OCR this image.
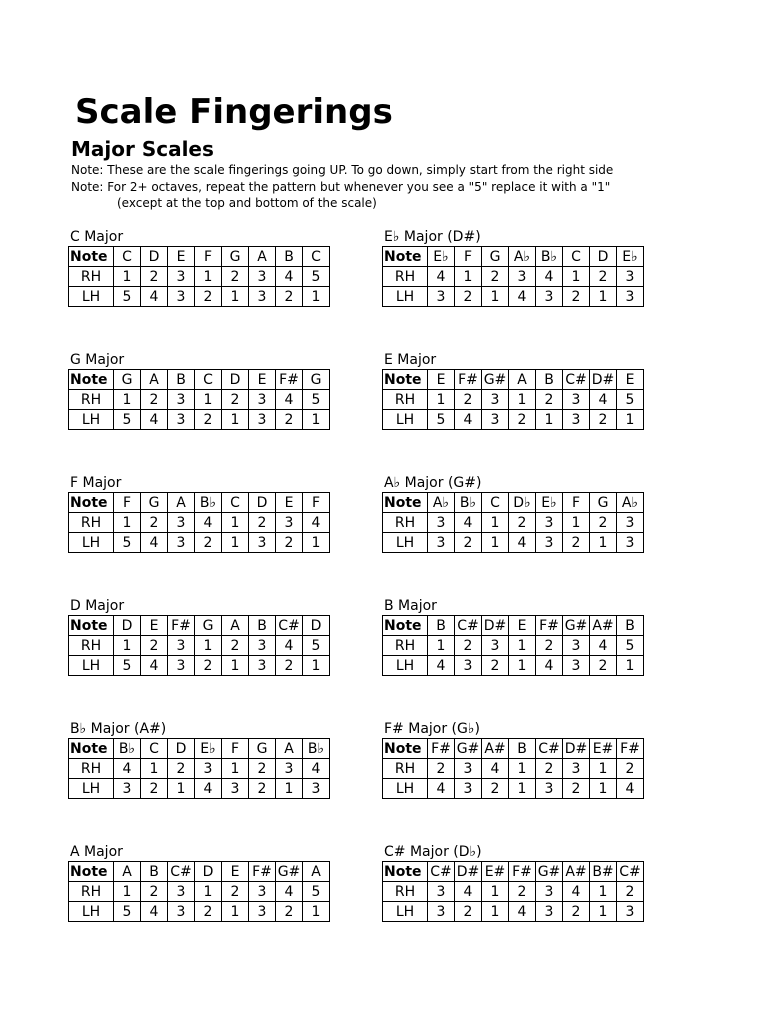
Scale Fingerings
Major Scales
Note: These are the scale fingerings going UP. To go down, simply start from the right side
Note: For 2+ octaves, repeat the pattern but whenever you see a "5" replace it with a "1"
(except at the top and bottom of the scale)
C Major
Note	C	D	E	F	G	A	B	C
RH	1	2	3	1	2	3	4	5
LH	5	4	3	2	1	3	2	1
E♭ Major (D#)
Note	E♭	F	G	A♭	B♭	C	D	E♭
RH	4	1	2	3	4	1	2	3
LH	3	2	1	4	3	2	1	3
G Major
Note	G	A	B	C	D	E	F#	G
RH	1	2	3	1	2	3	4	5
LH	5	4	3	2	1	3	2	1
E Major
Note	E	F#	G#	A	B	C#	D#	E
RH	1	2	3	1	2	3	4	5
LH	5	4	3	2	1	3	2	1
F Major
Note	F	G	A	B♭	C	D	E	F
RH	1	2	3	4	1	2	3	4
LH	5	4	3	2	1	3	2	1
A♭ Major (G#)
Note	A♭	B♭	C	D♭	E♭	F	G	A♭
RH	3	4	1	2	3	1	2	3
LH	3	2	1	4	3	2	1	3
D Major
Note	D	E	F#	G	A	B	C#	D
RH	1	2	3	1	2	3	4	5
LH	5	4	3	2	1	3	2	1
B Major
Note	B	C#	D#	E	F#	G#	A#	B
RH	1	2	3	1	2	3	4	5
LH	4	3	2	1	4	3	2	1
B♭ Major (A#)
Note	B♭	C	D	E♭	F	G	A	B♭
RH	4	1	2	3	1	2	3	4
LH	3	2	1	4	3	2	1	3
F# Major (G♭)
Note	F#	G#	A#	B	C#	D#	E#	F#
RH	2	3	4	1	2	3	1	2
LH	4	3	2	1	3	2	1	4
A Major
Note	A	B	C#	D	E	F#	G#	A
RH	1	2	3	1	2	3	4	5
LH	5	4	3	2	1	3	2	1
C# Major (D♭)
Note	C#	D#	E#	F#	G#	A#	B#	C#
RH	3	4	1	2	3	4	1	2
LH	3	2	1	4	3	2	1	3
